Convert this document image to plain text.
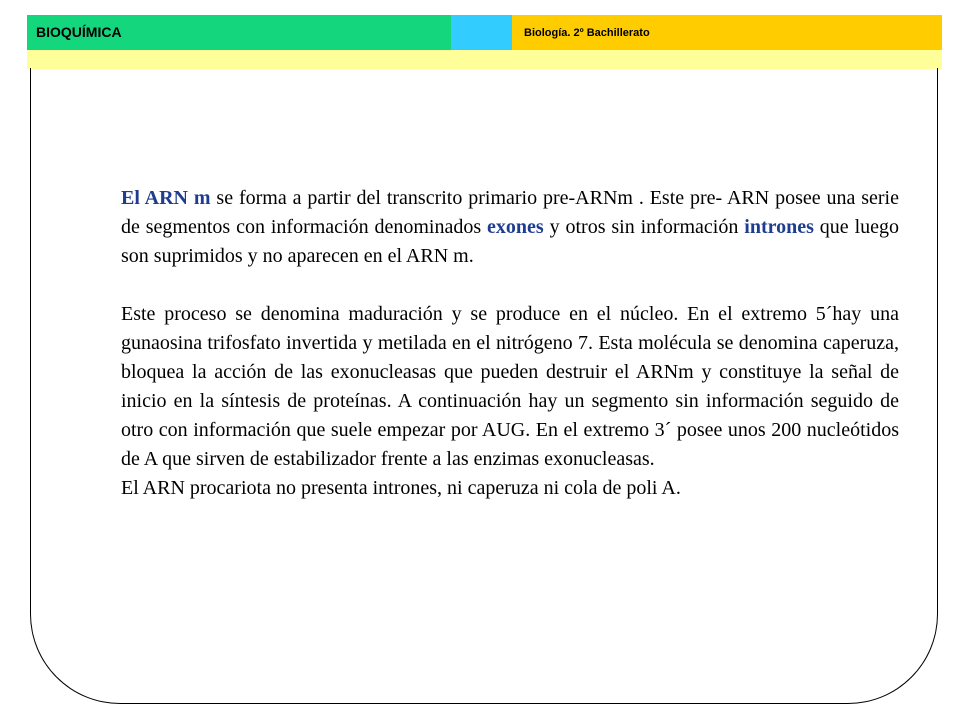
BIOQUÍMICA	Biología. 2º Bachillerato

El ARN m se forma a partir del transcrito primario pre-ARNm . Este pre- ARN posee una serie de segmentos con información denominados exones y otros sin información intrones que luego son suprimidos y no aparecen en el ARN m.

Este proceso se denomina maduración y se produce en el núcleo. En el extremo 5´hay una gunaosina trifosfato invertida y metilada en el nitrógeno 7. Esta molécula se denomina caperuza, bloquea la acción de las exonucleasas que pueden destruir el ARNm y constituye la señal de inicio en la síntesis de proteínas. A continuación hay un segmento sin información seguido de otro con información que suele empezar por AUG. En el extremo 3´ posee unos 200 nucleótidos de A que sirven de estabilizador frente a las enzimas exonucleasas.

El ARN procariota no presenta intrones, ni caperuza ni cola de poli A.
